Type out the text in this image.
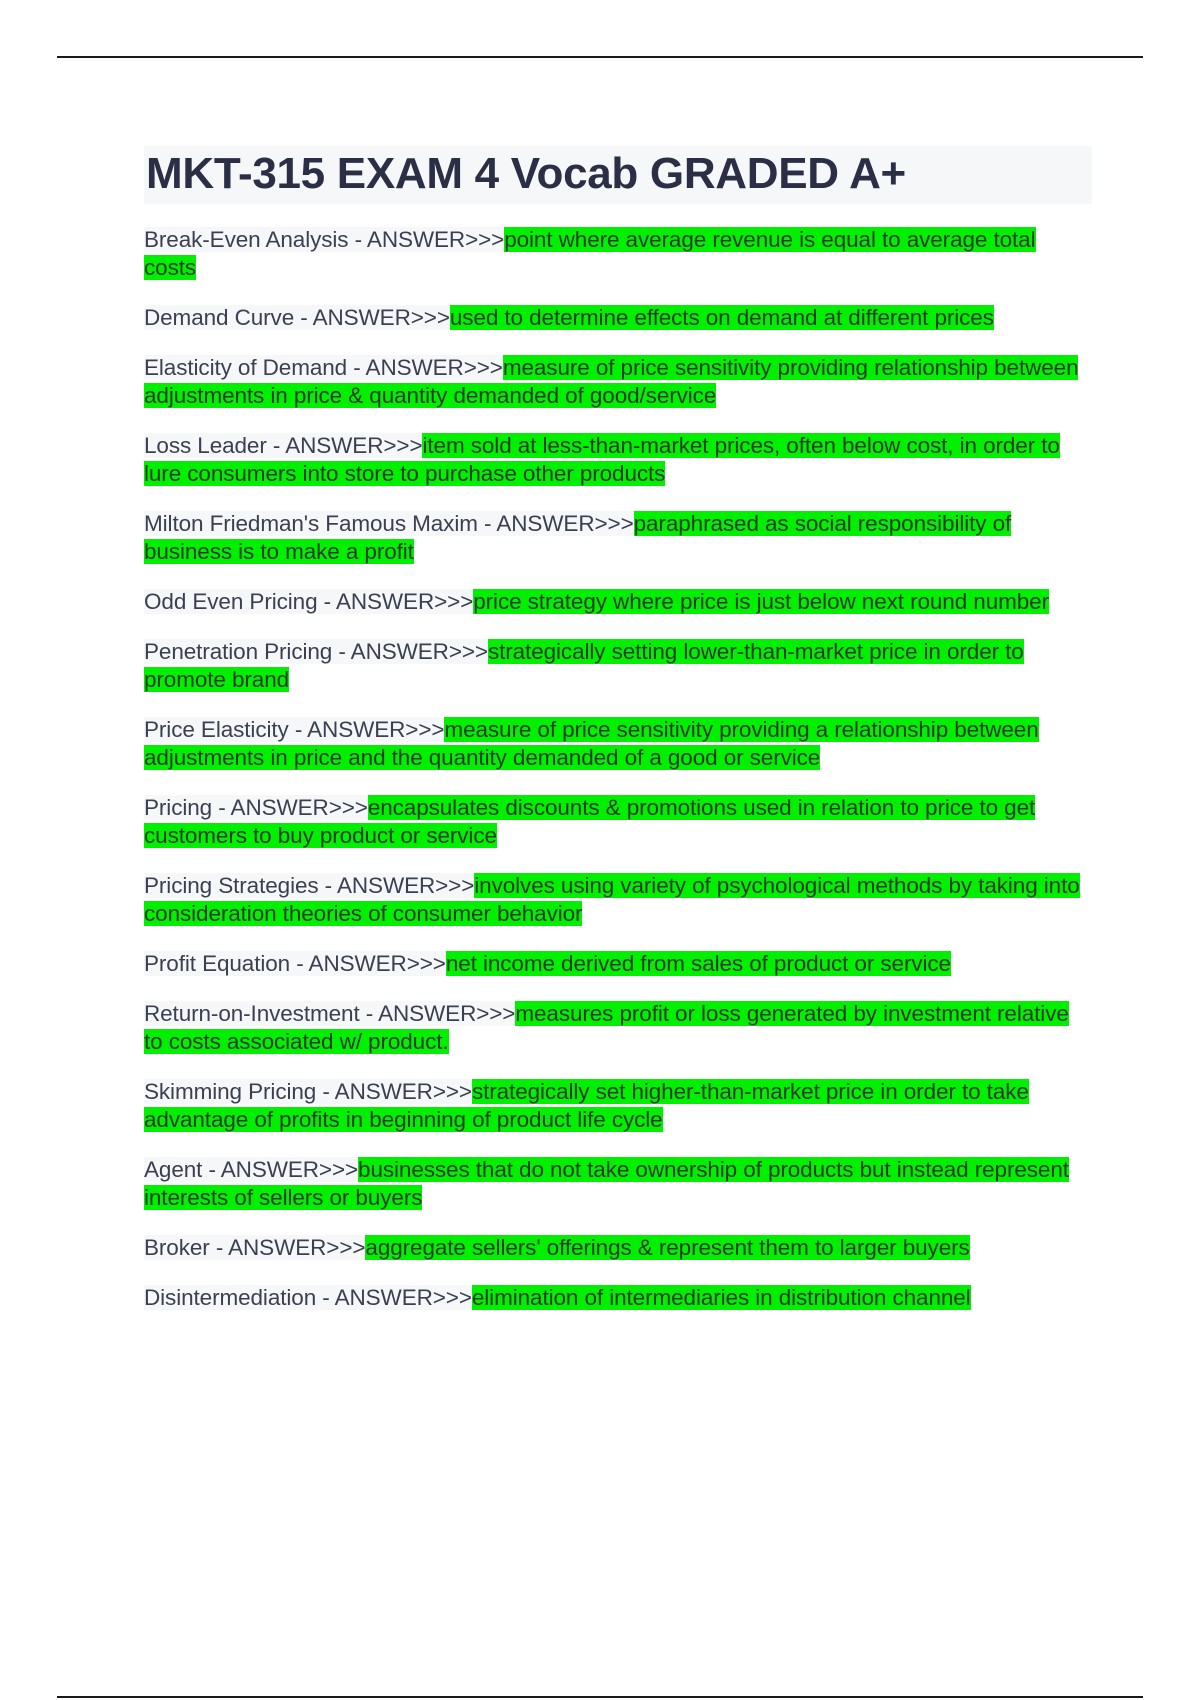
MKT-315 EXAM 4 Vocab GRADED A+

Break-Even Analysis - ANSWER>>>point where average revenue is equal to average total costs

Demand Curve - ANSWER>>>used to determine effects on demand at different prices

Elasticity of Demand - ANSWER>>>measure of price sensitivity providing relationship between adjustments in price & quantity demanded of good/service

Loss Leader - ANSWER>>>item sold at less-than-market prices, often below cost, in order to lure consumers into store to purchase other products

Milton Friedman's Famous Maxim - ANSWER>>>paraphrased as social responsibility of business is to make a profit

Odd Even Pricing - ANSWER>>>price strategy where price is just below next round number

Penetration Pricing - ANSWER>>>strategically setting lower-than-market price in order to promote brand

Price Elasticity - ANSWER>>>measure of price sensitivity providing a relationship between adjustments in price and the quantity demanded of a good or service

Pricing - ANSWER>>>encapsulates discounts & promotions used in relation to price to get customers to buy product or service

Pricing Strategies - ANSWER>>>involves using variety of psychological methods by taking into consideration theories of consumer behavior

Profit Equation - ANSWER>>>net income derived from sales of product or service

Return-on-Investment - ANSWER>>>measures profit or loss generated by investment relative to costs associated w/ product.

Skimming Pricing - ANSWER>>>strategically set higher-than-market price in order to take advantage of profits in beginning of product life cycle

Agent - ANSWER>>>businesses that do not take ownership of products but instead represent interests of sellers or buyers

Broker - ANSWER>>>aggregate sellers' offerings & represent them to larger buyers

Disintermediation - ANSWER>>>elimination of intermediaries in distribution channel
